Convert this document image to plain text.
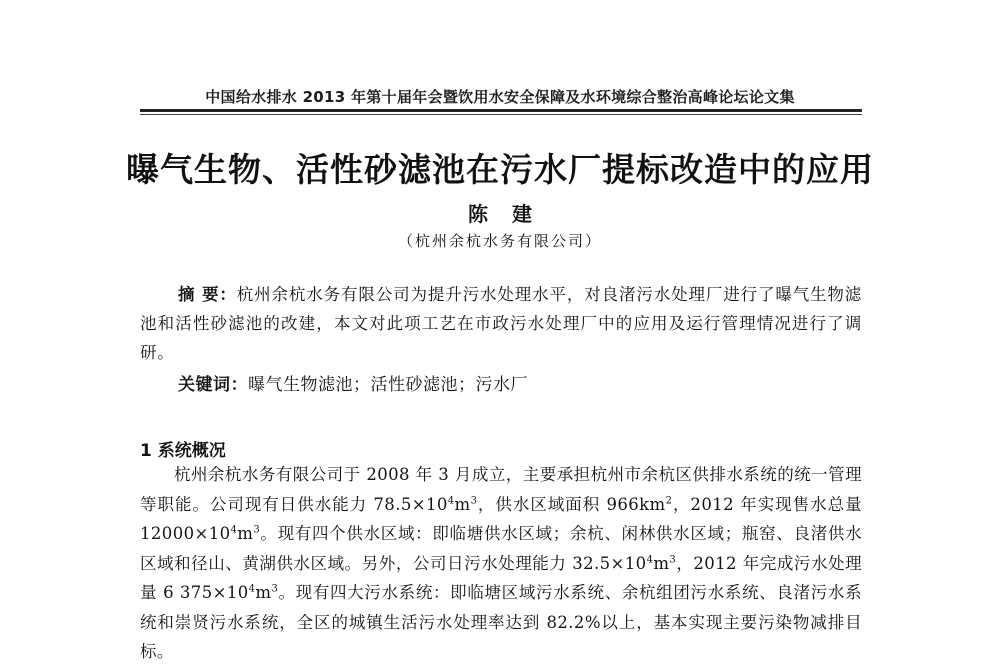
中国给水排水 2013 年第十届年会暨饮用水安全保障及水环境综合整治高峰论坛论文集
曝气生物、活性砂滤池在污水厂提标改造中的应用
陈建
（杭州余杭水务有限公司）
摘 要：杭州余杭水务有限公司为提升污水处理水平，对良渚污水处理厂进行了曝气生物滤池和活性砂滤池的改建，本文对此项工艺在市政污水处理厂中的应用及运行管理情况进行了调研。
关键词：曝气生物滤池；活性砂滤池；污水厂
1 系统概况
杭州余杭水务有限公司于 2008 年 3 月成立，主要承担杭州市余杭区供排水系统的统一管理等职能。公司现有日供水能力 $78.5\times 10^4m^3$，供水区域面积 $966km^2$，2012 年实现售水总量 $12000\times 10^4m^3$。现有四个供水区域：即临塘供水区域；余杭、闲林供水区域；瓶窑、良渚供水区域和径山、黄湖供水区域。另外，公司日污水处理能力 $32.5\times 10^4m^3$，2012 年完成污水处理量 6 $375\times 10^4m^3$。现有四大污水系统：即临塘区域污水系统、余杭组团污水系统、良渚污水系统和崇贤污水系统，全区的城镇生活污水处理率达到 82.2%以上，基本实现主要污染物减排目标。
